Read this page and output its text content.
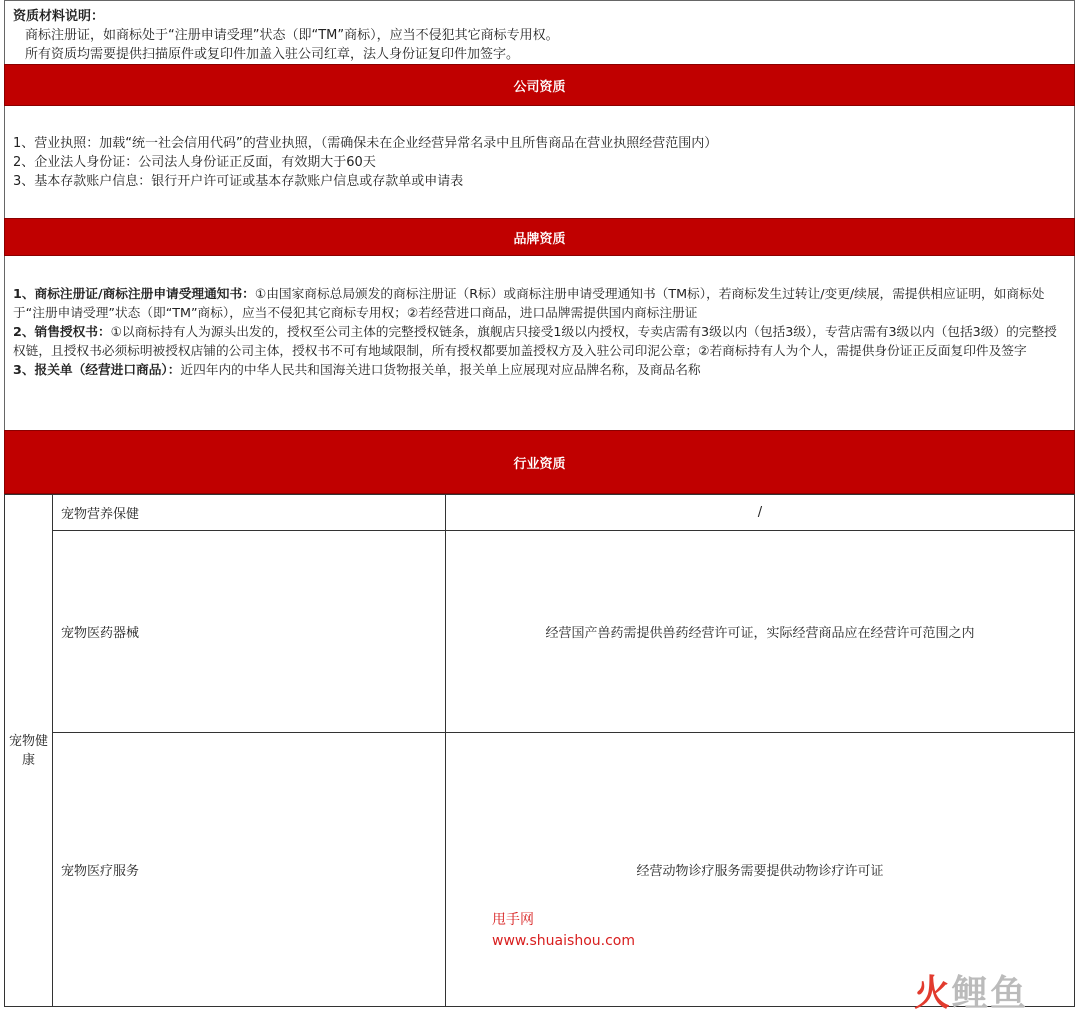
资质材料说明：
商标注册证，如商标处于“注册申请受理”状态（即“TM”商标），应当不侵犯其它商标专用权。
所有资质均需要提供扫描原件或复印件加盖入驻公司红章，法人身份证复印件加签字。
公司资质
1、营业执照：加载“统一社会信用代码”的营业执照，（需确保未在企业经营异常名录中且所售商品在营业执照经营范围内）
2、企业法人身份证：公司法人身份证正反面，有效期大于60天
3、基本存款账户信息：银行开户许可证或基本存款账户信息或存款单或申请表
品牌资质
1、商标注册证/商标注册申请受理通知书：①由国家商标总局颁发的商标注册证（R标）或商标注册申请受理通知书（TM标），若商标发生过转让/变更/续展，需提供相应证明，如商标处于“注册申请受理”状态（即“TM”商标），应当不侵犯其它商标专用权；②若经营进口商品，进口品牌需提供国内商标注册证
2、销售授权书：①以商标持有人为源头出发的，授权至公司主体的完整授权链条，旗舰店只接受1级以内授权，专卖店需有3级以内（包括3级），专营店需有3级以内（包括3级）的完整授权链，且授权书必须标明被授权店铺的公司主体，授权书不可有地域限制，所有授权都要加盖授权方及入驻公司印泥公章；②若商标持有人为个人，需提供身份证正反面复印件及签字
3、报关单（经营进口商品）：近四年内的中华人民共和国海关进口货物报关单，报关单上应展现对应品牌名称，及商品名称
行业资质
宠物健康	宠物营养保健	/
	宠物医药器械	经营国产兽药需提供兽药经营许可证，实际经营商品应在经营许可范围之内
	宠物医疗服务	经营动物诊疗服务需要提供动物诊疗许可证
甩手网
www.shuaishou.com
火鲤鱼
